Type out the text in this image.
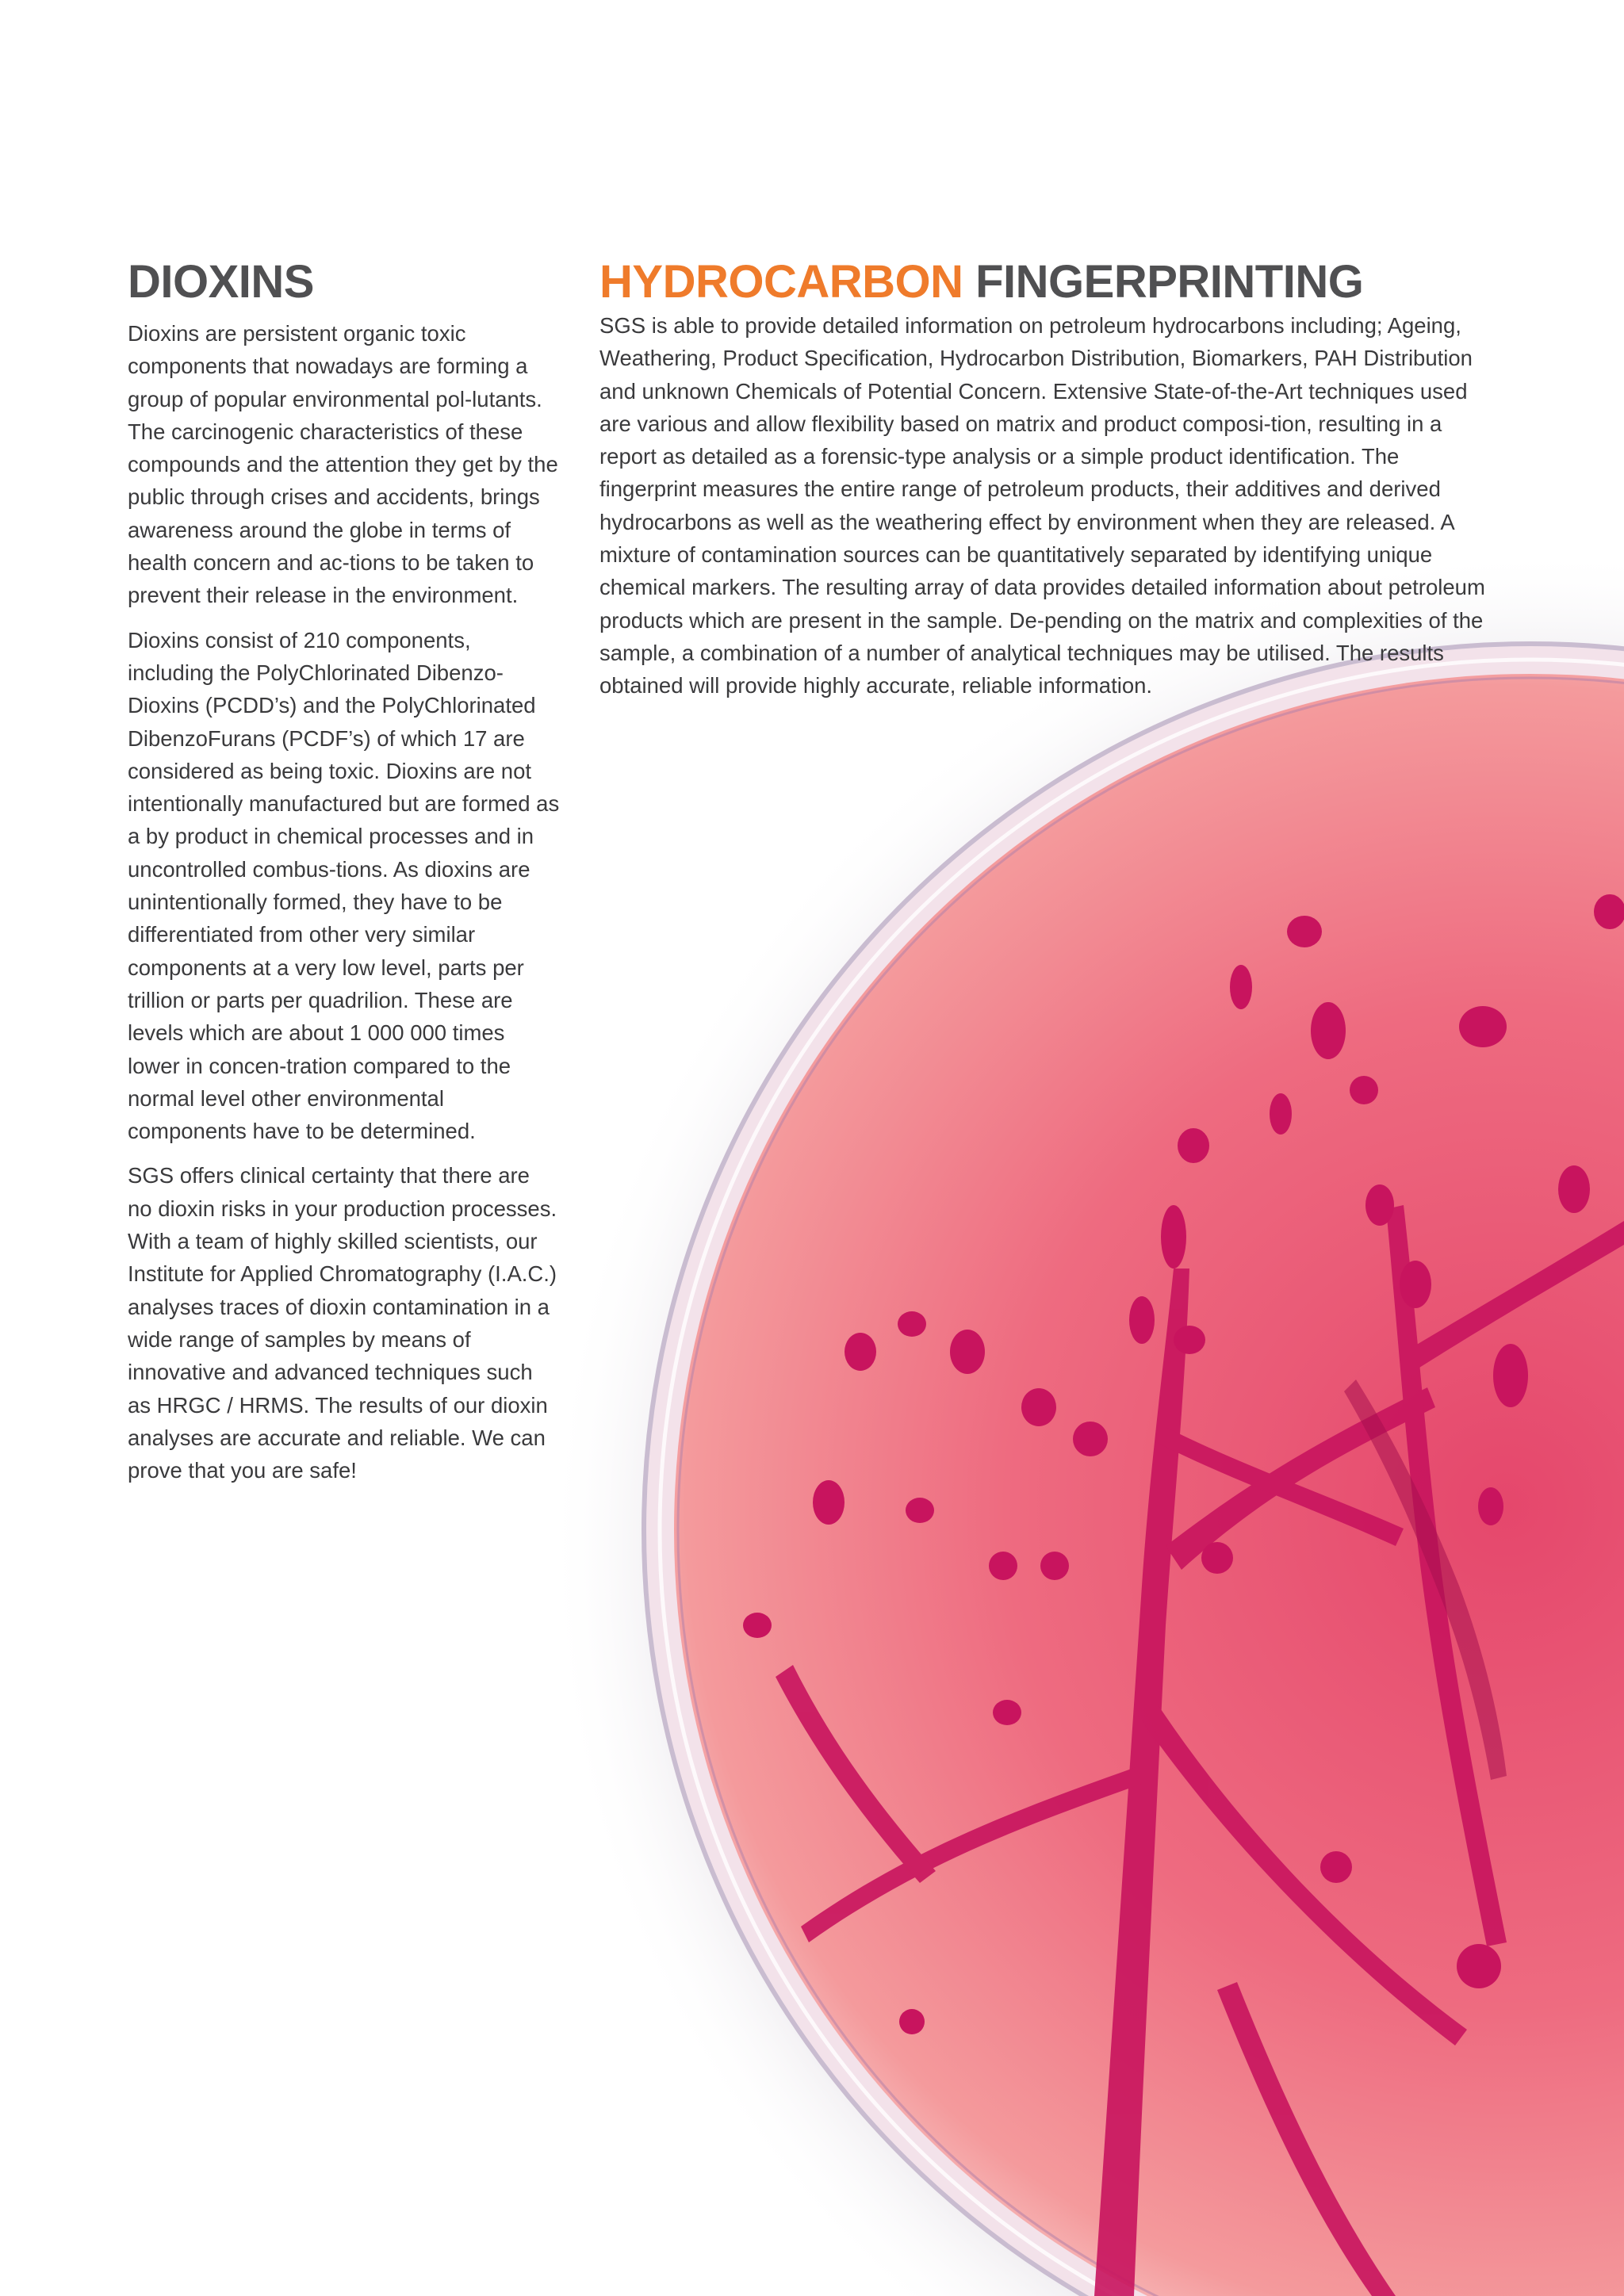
DIOXINS

Dioxins are persistent organic toxic components that nowadays are forming a group of popular environmental pol-lutants. The carcinogenic characteristics of these compounds and the attention they get by the public through crises and accidents, brings awareness around the globe in terms of health concern and ac-tions to be taken to prevent their release in the environment.

Dioxins consist of 210 components, including the PolyChlorinated Dibenzo-Dioxins (PCDD’s) and the PolyChlorinated DibenzoFurans (PCDF’s) of which 17 are considered as being toxic. Dioxins are not intentionally manufactured but are formed as a by product in chemical processes and in uncontrolled combus-tions. As dioxins are unintentionally formed, they have to be differentiated from other very similar components at a very low level, parts per trillion or parts per quadrilion. These are levels which are about 1 000 000 times lower in concen-tration compared to the normal level other environmental components have to be determined.

SGS offers clinical certainty that there are no dioxin risks in your production processes. With a team of highly skilled scientists, our Institute for Applied Chromatography (I.A.C.) analyses traces of dioxin contamination in a wide range of samples by means of innovative and advanced techniques such as HRGC / HRMS. The results of our dioxin analyses are accurate and reliable. We can prove that you are safe!

HYDROCARBON FINGERPRINTING

SGS is able to provide detailed information on petroleum hydrocarbons including; Ageing, Weathering, Product Specification, Hydrocarbon Distribution, Biomarkers, PAH Distribution and unknown Chemicals of Potential Concern. Extensive State-of-the-Art techniques used are various and allow flexibility based on matrix and product composi-tion, resulting in a report as detailed as a forensic-type analysis or a simple product identification. The fingerprint measures the entire range of petroleum products, their additives and derived hydrocarbons as well as the weathering effect by environment when they are released. A mixture of contamination sources can be quantitatively separated by identifying unique chemical markers. The resulting array of data provides detailed information about petroleum products which are present in the sample. De-pending on the matrix and complexities of the sample, a combination of a number of analytical techniques may be utilised. The results obtained will provide highly accurate, reliable information.
